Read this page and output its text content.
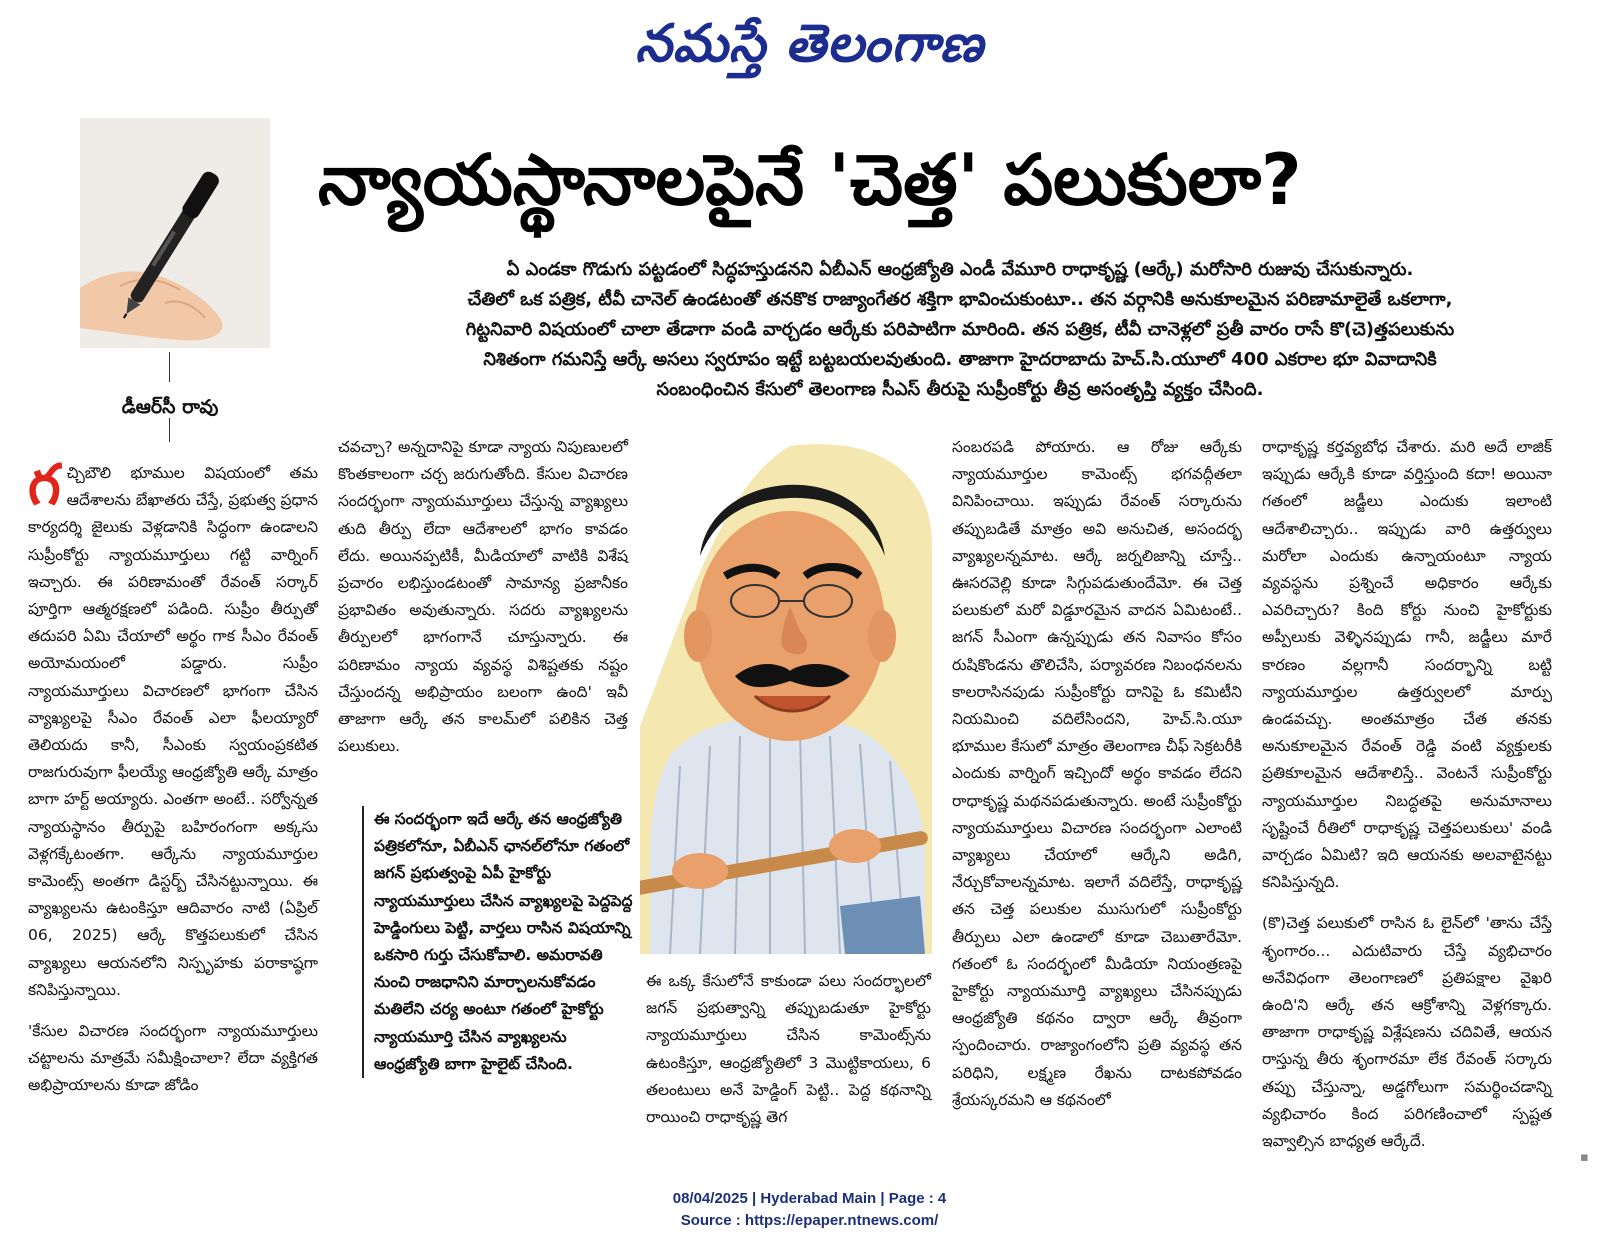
నమస్తే తెలంగాణ
న్యాయస్థానాలపైనే 'చెత్త' పలుకులా?
డీఆర్‌సీ రావు

ఏ ఎండకా గొడుగు పట్టడంలో సిద్ధహస్తుడనని ఏబీఎన్ ఆంధ్రజ్యోతి ఎండీ వేమూరి రాధాకృష్ణ (ఆర్కే) మరోసారి రుజువు చేసుకున్నారు.

చేతిలో ఒక పత్రిక, టీవీ చానెల్ ఉండటంతో తనకొక రాజ్యాంగేతర శక్తిగా భావించుకుంటూ.. తన వర్గానికి అనుకూలమైన పరిణామాలైతే ఒకలాగా,

గిట్టనివారి విషయంలో చాలా తేడాగా వండి వార్చడం ఆర్కేకు పరిపాటిగా మారింది. తన పత్రిక, టీవీ చానెళ్లలో ప్రతీ వారం రాసే కొ(చె)త్తపలుకును

నిశితంగా గమనిస్తే ఆర్కే అసలు స్వరూపం ఇట్టే బట్టబయలవుతుంది. తాజాగా హైదరాబాదు హెచ్.సి.యూలో 400 ఎకరాల భూ వివాదానికి

సంబంధించిన కేసులో తెలంగాణ సీఎస్ తీరుపై సుప్రీంకోర్టు తీవ్ర అసంతృప్తి వ్యక్తం చేసింది.

గచ్చిబౌలి భూముల విషయంలో తమ ఆదేశాలను బేఖాతరు చేస్తే, ప్రభుత్వ ప్రధాన కార్యదర్శి జైలుకు వెళ్లడానికి సిద్ధంగా ఉండాలని సుప్రీంకోర్టు న్యాయమూర్తులు గట్టి వార్నింగ్ ఇచ్చారు. ఈ పరిణామంతో రేవంత్ సర్కార్ పూర్తిగా ఆత్మరక్షణలో పడింది. సుప్రీం తీర్పుతో తదుపరి ఏమి చేయాలో అర్థం గాక సీఎం రేవంత్ అయోమయంలో పడ్డారు. సుప్రీం న్యాయమూర్తులు విచారణలో భాగంగా చేసిన వ్యాఖ్యలపై సీఎం రేవంత్ ఎలా ఫీలయ్యారో తెలియదు కానీ, సీఎంకు స్వయంప్రకటిత రాజగురువుగా ఫీలయ్యే ఆంధ్రజ్యోతి ఆర్కే మాత్రం బాగా హర్ట్ అయ్యారు. ఎంతగా అంటే.. సర్వోన్నత న్యాయస్థానం తీర్పుపై బహిరంగంగా అక్కసు వెళ్లగక్కేటంతగా. ఆర్కేను న్యాయమూర్తుల కామెంట్స్ అంతగా డిస్టర్బ్ చేసినట్టున్నాయి. ఈ వ్యాఖ్యలను ఉటంకిస్తూ ఆదివారం నాటి (ఏప్రిల్ 06, 2025) ఆర్కే కొత్తపలుకులో చేసిన వ్యాఖ్యలు ఆయనలోని నిస్పృహకు పరాకాష్ఠగా కనిపిస్తున్నాయి.

'కేసుల విచారణ సందర్భంగా న్యాయమూర్తులు చట్టాలను మాత్రమే సమీక్షించాలా? లేదా వ్యక్తిగత అభిప్రాయాలను కూడా జోడిం

చవచ్చా? అన్నదానిపై కూడా న్యాయ నిపుణులలో కొంతకాలంగా చర్చ జరుగుతోంది. కేసుల విచారణ సందర్భంగా న్యాయమూర్తులు చేస్తున్న వ్యాఖ్యలు తుది తీర్పు లేదా ఆదేశాలలో భాగం కావడం లేదు. అయినప్పటికీ, మీడియాలో వాటికి విశేష ప్రచారం లభిస్తుండటంతో సామాన్య ప్రజానీకం ప్రభావితం అవుతున్నారు. సదరు వ్యాఖ్యలను తీర్పులలో భాగంగానే చూస్తున్నారు. ఈ పరిణామం న్యాయ వ్యవస్థ విశిష్టతకు నష్టం చేస్తుందన్న అభిప్రాయం బలంగా ఉంది' ఇవీ తాజాగా ఆర్కే తన కాలమ్‌లో పలికిన చెత్త పలుకులు.

ఈ సందర్భంగా ఇదే ఆర్కే తన ఆంధ్రజ్యోతి పత్రికలోనూ, ఏబీఎన్ ఛానల్‌లోనూ గతంలో జగన్ ప్రభుత్వంపై ఏపీ హైకోర్టు న్యాయమూర్తులు చేసిన వ్యాఖ్యలపై పెద్దపెద్ద హెడ్డింగులు పెట్టి, వార్తలు రాసిన విషయాన్ని ఒకసారి గుర్తు చేసుకోవాలి. అమరావతి నుంచి రాజధానిని మార్చాలనుకోవడం మతిలేని చర్య అంటూ గతంలో హైకోర్టు న్యాయమూర్తి చేసిన వ్యాఖ్యలను ఆంధ్రజ్యోతి బాగా హైలైట్ చేసింది.

ఈ ఒక్క కేసులోనే కాకుండా పలు సందర్భాలలో జగన్ ప్రభుత్వాన్ని తప్పుబడుతూ హైకోర్టు న్యాయమూర్తులు చేసిన కామెంట్స్‌ను ఉటంకిస్తూ, ఆంధ్రజ్యోతిలో 3 మొట్టికాయలు, 6 తలంటులు అనే హెడ్డింగ్ పెట్టి.. పెద్ద కథనాన్ని రాయించి రాధాకృష్ణ తెగ

సంబరపడి పోయారు. ఆ రోజు ఆర్కేకు న్యాయమూర్తుల కామెంట్స్ భగవద్గీతలా వినిపించాయి. ఇప్పుడు రేవంత్ సర్కారును తప్పుబడితే మాత్రం అవి అనుచిత, అసందర్భ వ్యాఖ్యలన్నమాట. ఆర్కే జర్నలిజాన్ని చూస్తే.. ఊసరవెల్లి కూడా సిగ్గుపడుతుందేమో. ఈ చెత్త పలుకులో మరో విడ్డూరమైన వాదన ఏమిటంటే.. జగన్ సీఎంగా ఉన్నప్పుడు తన నివాసం కోసం రుషికొండను తొలిచేసి, పర్యావరణ నిబంధనలను కాలరాసినపుడు సుప్రీంకోర్టు దానిపై ఓ కమిటీని నియమించి వదిలేసిందని, హెచ్.సి.యూ భూముల కేసులో మాత్రం తెలంగాణ చీఫ్ సెక్రటరీకి ఎందుకు వార్నింగ్ ఇచ్చిందో అర్థం కావడం లేదని రాధాకృష్ణ మథనపడుతున్నారు. అంటే సుప్రీంకోర్టు న్యాయమూర్తులు విచారణ సందర్భంగా ఎలాంటి వ్యాఖ్యలు చేయాలో ఆర్కేని అడిగి, నేర్చుకోవాలన్నమాట. ఇలాగే వదిలేస్తే, రాధాకృష్ణ తన చెత్త పలుకుల ముసుగులో సుప్రీంకోర్టు తీర్పులు ఎలా ఉండాలో కూడా చెబుతారేమో. గతంలో ఓ సందర్భంలో మీడియా నియంత్రణపై హైకోర్టు న్యాయమూర్తి వ్యాఖ్యలు చేసినప్పుడు ఆంధ్రజ్యోతి కథనం ద్వారా ఆర్కే తీవ్రంగా స్పందించారు. రాజ్యాంగంలోని ప్రతి వ్యవస్థ తన పరిధిని, లక్ష్మణ రేఖను దాటకపోవడం శ్రేయస్కరమని ఆ కథనంలో

రాధాకృష్ణ కర్తవ్యబోధ చేశారు. మరి అదే లాజిక్ ఇప్పుడు ఆర్కేకి కూడా వర్తిస్తుంది కదా! అయినా గతంలో జడ్జీలు ఎందుకు ఇలాంటి ఆదేశాలిచ్చారు.. ఇప్పుడు వారి ఉత్తర్వులు మరోలా ఎందుకు ఉన్నాయంటూ న్యాయ వ్యవస్థను ప్రశ్నించే అధికారం ఆర్కేకు ఎవరిచ్చారు? కింది కోర్టు నుంచి హైకోర్టుకు అప్పీలుకు వెళ్ళినప్పుడు గానీ, జడ్జీలు మారే కారణం వల్లగానీ సందర్భాన్ని బట్టి న్యాయమూర్తుల ఉత్తర్వులలో మార్పు ఉండవచ్చు. అంతమాత్రం చేత తనకు అనుకూలమైన రేవంత్ రెడ్డి వంటి వ్యక్తులకు ప్రతికూలమైన ఆదేశాలిస్తే.. వెంటనే సుప్రీంకోర్టు న్యాయమూర్తుల నిబద్ధతపై అనుమానాలు సృష్టించే రీతిలో రాధాకృష్ణ చెత్తపలుకులు' వండి వార్చడం ఏమిటి? ఇది ఆయనకు అలవాటైనట్టు కనిపిస్తున్నది.

(కొ)చెత్త పలుకులో రాసిన ఓ లైన్‌లో 'తాను చేస్తే శృంగారం... ఎదుటివారు చేస్తే వ్యభిచారం అనేవిధంగా తెలంగాణలో ప్రతిపక్షాల వైఖరి ఉంది'ని ఆర్కే తన ఆక్రోశాన్ని వెళ్లగక్కారు. తాజాగా రాధాకృష్ణ విశ్లేషణను చదివితే, ఆయన రాస్తున్న తీరు శృంగారమా లేక రేవంత్ సర్కారు తప్పు చేస్తున్నా, అడ్డగోలుగా సమర్థించడాన్ని వ్యభిచారం కింద పరిగణించాలో స్పష్టత ఇవ్వాల్సిన బాధ్యత ఆర్కేదే.

▪
08/04/2025 | Hyderabad Main | Page : 4
Source : https://epaper.ntnews.com/
